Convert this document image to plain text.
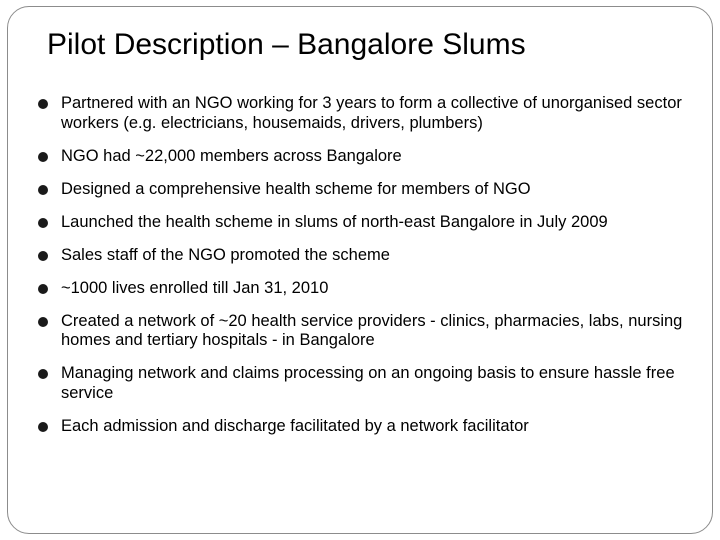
Pilot Description – Bangalore Slums
Partnered with an NGO working for 3 years to form a collective of unorganised sector workers (e.g. electricians, housemaids, drivers, plumbers)
NGO had ~22,000 members across Bangalore
Designed a comprehensive health scheme for members of NGO
Launched the health scheme in slums of north-east Bangalore in July 2009
Sales staff of the NGO promoted the scheme
~1000 lives enrolled till Jan 31, 2010
Created a network of ~20 health service providers - clinics, pharmacies, labs, nursing homes and tertiary hospitals - in Bangalore
Managing network and claims processing on an ongoing basis to ensure hassle free service
Each admission and discharge facilitated by a network facilitator
